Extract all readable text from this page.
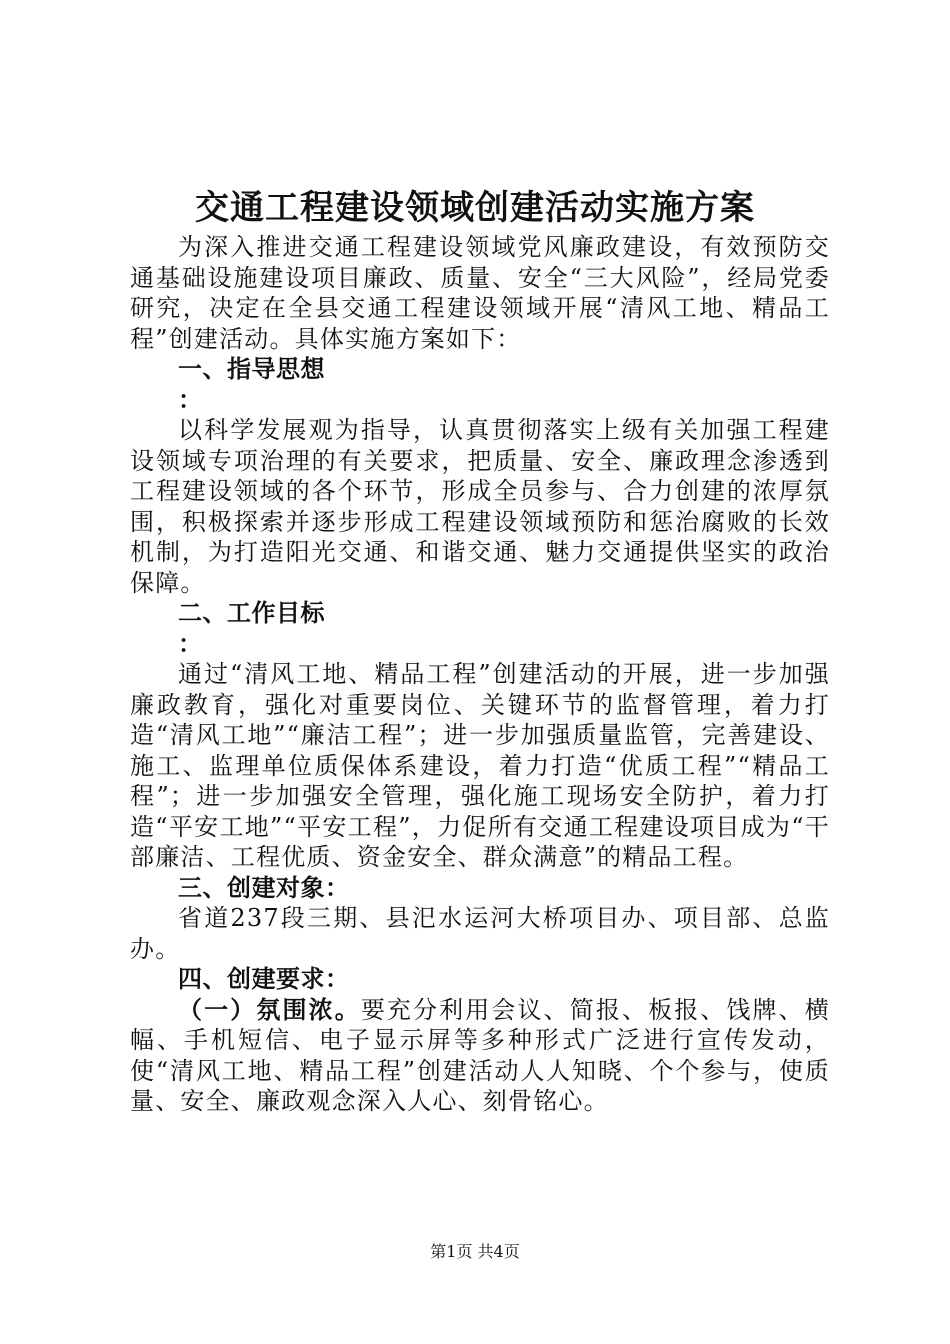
交通工程建设领域创建活动实施方案

为深入推进交通工程建设领域党风廉政建设，有效预防交通基础设施建设项目廉政、质量、安全“三大风险”，经局党委研究，决定在全县交通工程建设领域开展“清风工地、精品工程”创建活动。具体实施方案如下：

一、指导思想

：

以科学发展观为指导，认真贯彻落实上级有关加强工程建设领域专项治理的有关要求，把质量、安全、廉政理念渗透到工程建设领域的各个环节，形成全员参与、合力创建的浓厚氛围，积极探索并逐步形成工程建设领域预防和惩治腐败的长效机制，为打造阳光交通、和谐交通、魅力交通提供坚实的政治保障。

二、工作目标

：

通过“清风工地、精品工程”创建活动的开展，进一步加强廉政教育，强化对重要岗位、关键环节的监督管理，着力打造“清风工地”“廉洁工程”；进一步加强质量监管，完善建设、施工、监理单位质保体系建设，着力打造“优质工程”“精品工程”；进一步加强安全管理，强化施工现场安全防护，着力打造“平安工地”“平安工程”，力促所有交通工程建设项目成为“干部廉洁、工程优质、资金安全、群众满意”的精品工程。

三、创建对象：

省道237段三期、县汜水运河大桥项目办、项目部、总监办。

四、创建要求：

（一）氛围浓。要充分利用会议、简报、板报、饯牌、横幅、手机短信、电子显示屏等多种形式广泛进行宣传发动，使“清风工地、精品工程”创建活动人人知晓、个个参与，使质量、安全、廉政观念深入人心、刻骨铭心。

第1页 共4页
